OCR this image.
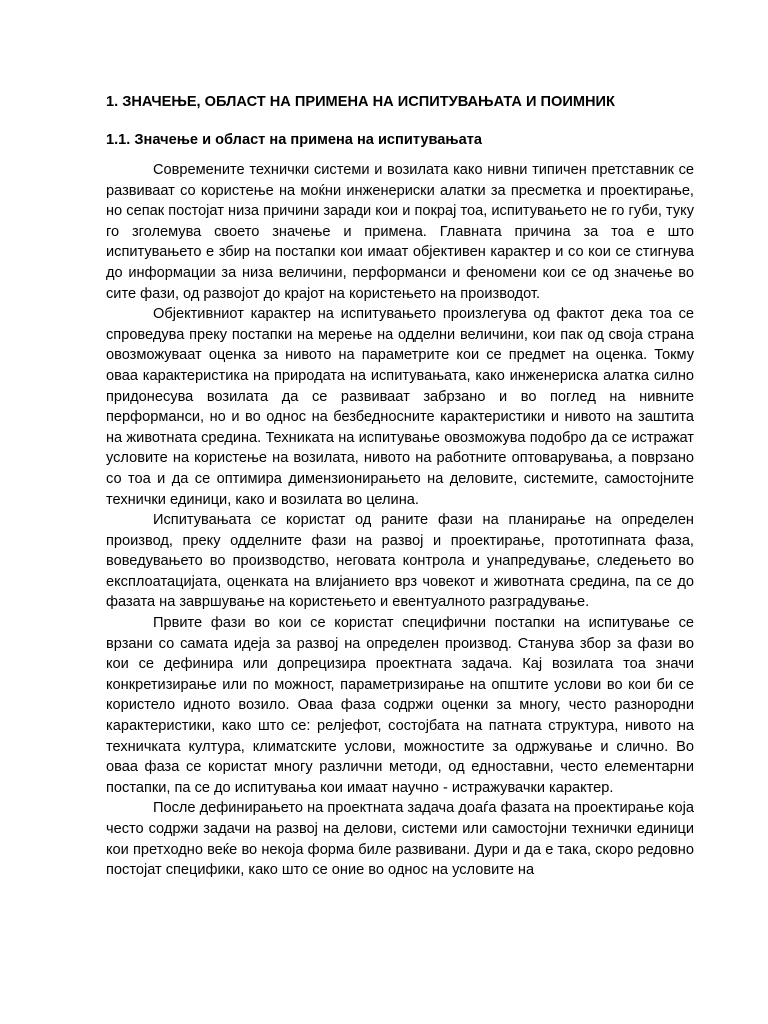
1. ЗНАЧЕЊЕ, ОБЛАСТ НА ПРИМЕНА НА ИСПИТУВАЊАТА И ПОИМНИК
1.1. Значење и област на примена на испитувањата

Современите технички системи и возилата како нивни типичен претставник се развиваат со користење на моќни инженериски алатки за пресметка и проектирање, но сепак постојат низа причини заради кои и покрај тоа, испитувањето не го губи, туку го зголемува своето значење и примена. Главната причина за тоа е што испитувањето е збир на постапки кои имаат објективен карактер и со кои се стигнува до информации за низа величини, перформанси и феномени кои се од значење во сите фази, од развојот до крајот на користењето на производот.

Објективниот карактер на испитувањето произлегува од фактот дека тоа се спроведува преку постапки на мерење на одделни величини, кои пак од своја страна овозможуваат оценка за нивото на параметрите кои се предмет на оценка. Токму оваа карактеристика на природата на испитувањата, како инженериска алатка силно придонесува возилата да се развиваат забрзано и во поглед на нивните перформанси, но и во однос на безбедносните карактеристики и нивото на заштита на животната средина. Техниката на испитување овозможува подобро да се истражат условите на користење на возилата, нивото на работните оптоварувања, а поврзано со тоа и да се оптимира димензионирањето на деловите, системите, самостојните технички единици, како и возилата во целина.

Испитувањата се користат од раните фази на планирање на определен производ, преку одделните фази на развој и проектирање, прототипната фаза, воведувањето во производство, неговата контрола и унапредување, следењето во експлоатацијата, оценката на влијанието врз човекот и животната средина, па се до фазата на завршување на користењето и евентуалното разградување.

Првите фази во кои се користат специфични постапки на испитување се врзани со самата идеја за развој на определен производ. Станува збор за фази во кои се дефинира или допрецизира проектната задача. Кај возилата тоа значи конкретизирање или по можност, параметризирање на општите услови во кои би се користело идното возило. Оваа фаза содржи оценки за многу, често разнородни карактеристики, како што се: релјефот, состојбата на патната структура, нивото на техничката култура, климатските услови, можностите за одржување и слично. Во оваа фаза се користат многу различни методи, од едноставни, често елементарни постапки, па се до испитувања кои имаат научно - истражувачки карактер.

После дефинирањето на проектната задача доаѓа фазата на проектирање која често содржи задачи на развој на делови, системи или самостојни технички единици кои претходно веќе во некоја форма биле развивани. Дури и да е така, скоро редовно постојат специфики, како што се оние во однос на условите на
